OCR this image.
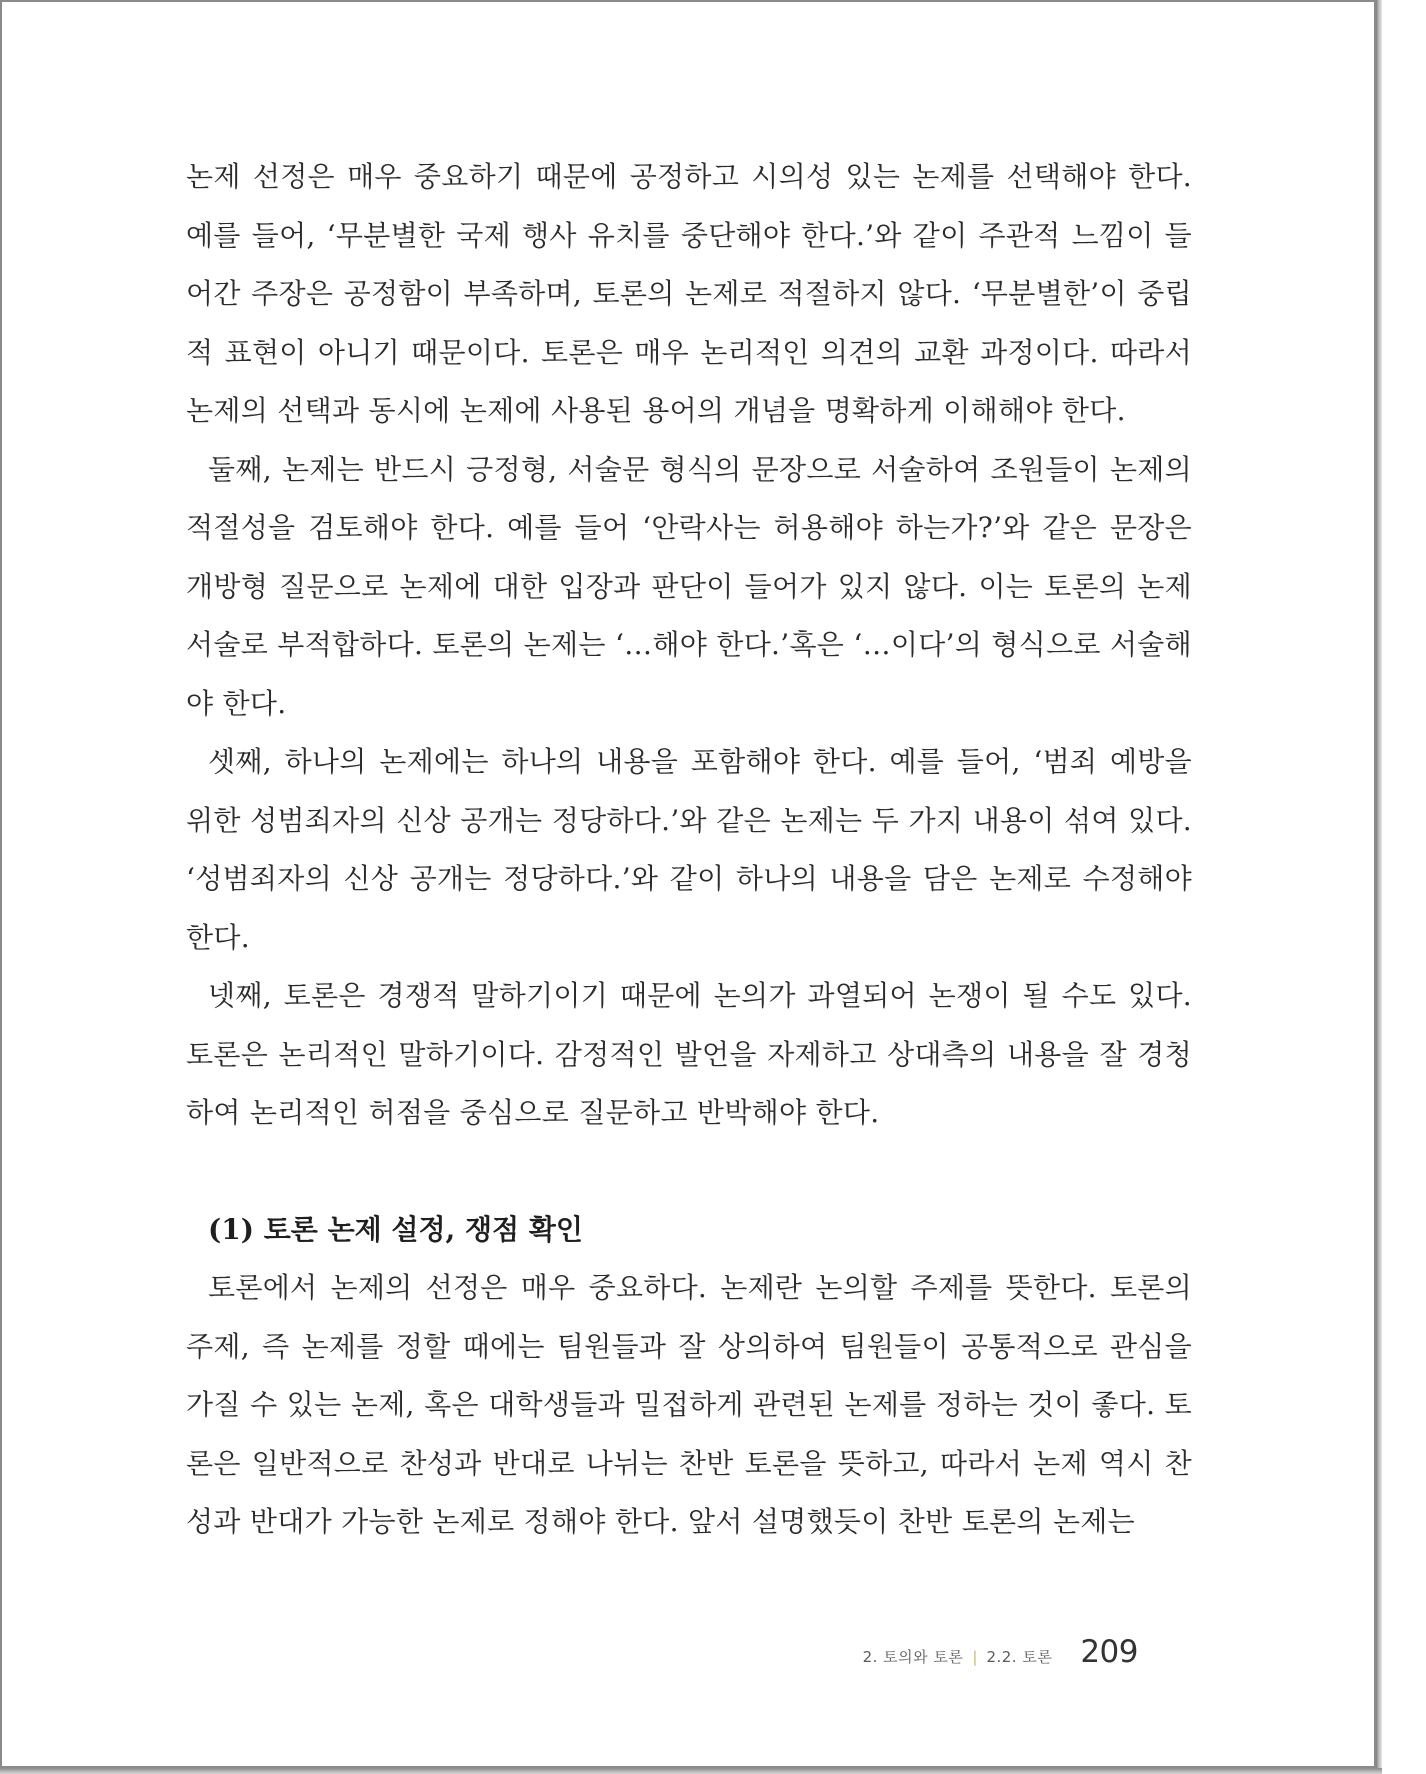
논제 선정은 매우 중요하기 때문에 공정하고 시의성 있는 논제를 선택해야 한다. 예를 들어, ‘무분별한 국제 행사 유치를 중단해야 한다.’와 같이 주관적 느낌이 들어간 주장은 공정함이 부족하며, 토론의 논제로 적절하지 않다. ‘무분별한’이 중립적 표현이 아니기 때문이다. 토론은 매우 논리적인 의견의 교환 과정이다. 따라서 논제의 선택과 동시에 논제에 사용된 용어의 개념을 명확하게 이해해야 한다.

둘째, 논제는 반드시 긍정형, 서술문 형식의 문장으로 서술하여 조원들이 논제의 적절성을 검토해야 한다. 예를 들어 ‘안락사는 허용해야 하는가?’와 같은 문장은 개방형 질문으로 논제에 대한 입장과 판단이 들어가 있지 않다. 이는 토론의 논제 서술로 부적합하다. 토론의 논제는 ‘…해야 한다.’혹은 ‘…이다’의 형식으로 서술해야 한다.

셋째, 하나의 논제에는 하나의 내용을 포함해야 한다. 예를 들어, ‘범죄 예방을 위한 성범죄자의 신상 공개는 정당하다.’와 같은 논제는 두 가지 내용이 섞여 있다. ‘성범죄자의 신상 공개는 정당하다.’와 같이 하나의 내용을 담은 논제로 수정해야 한다.

넷째, 토론은 경쟁적 말하기이기 때문에 논의가 과열되어 논쟁이 될 수도 있다. 토론은 논리적인 말하기이다. 감정적인 발언을 자제하고 상대측의 내용을 잘 경청하여 논리적인 허점을 중심으로 질문하고 반박해야 한다.

(1) 토론 논제 설정, 쟁점 확인

토론에서 논제의 선정은 매우 중요하다. 논제란 논의할 주제를 뜻한다. 토론의 주제, 즉 논제를 정할 때에는 팀원들과 잘 상의하여 팀원들이 공통적으로 관심을 가질 수 있는 논제, 혹은 대학생들과 밀접하게 관련된 논제를 정하는 것이 좋다. 토론은 일반적으로 찬성과 반대로 나뉘는 찬반 토론을 뜻하고, 따라서 논제 역시 찬성과 반대가 가능한 논제로 정해야 한다. 앞서 설명했듯이 찬반 토론의 논제는

2. 토의와 토론 | 2.2. 토론 209
